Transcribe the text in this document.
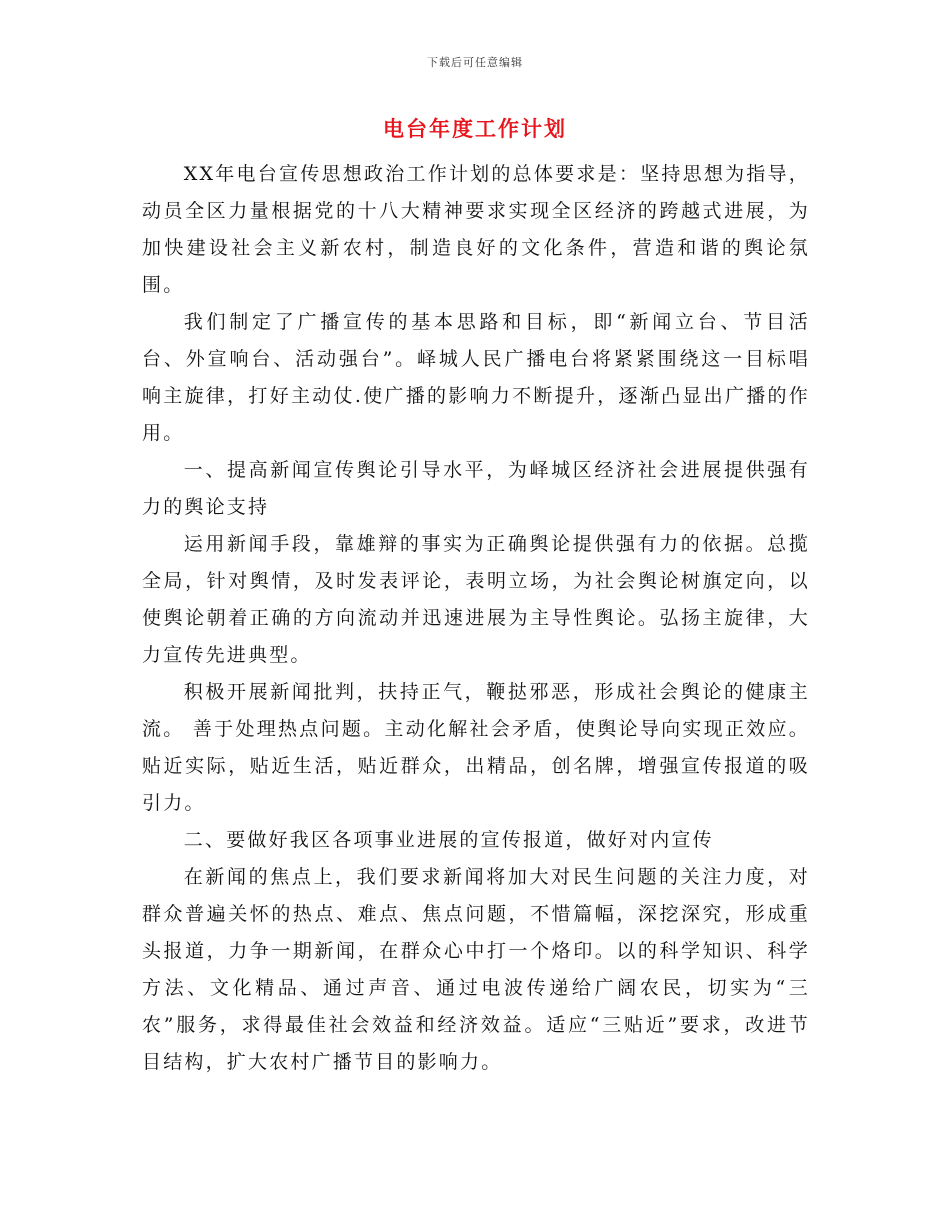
下载后可任意编辑
电台年度工作计划

XX年电台宣传思想政治工作计划的总体要求是：坚持思想为指导，动员全区力量根据党的十八大精神要求实现全区经济的跨越式进展，为加快建设社会主义新农村，制造良好的文化条件，营造和谐的舆论氛围。

我们制定了广播宣传的基本思路和目标，即“新闻立台、节目活台、外宣响台、活动强台”。峄城人民广播电台将紧紧围绕这一目标唱响主旋律，打好主动仗.使广播的影响力不断提升，逐渐凸显出广播的作用。

一、提高新闻宣传舆论引导水平，为峄城区经济社会进展提供强有力的舆论支持

运用新闻手段，靠雄辩的事实为正确舆论提供强有力的依据。总揽全局，针对舆情，及时发表评论，表明立场，为社会舆论树旗定向，以使舆论朝着正确的方向流动并迅速进展为主导性舆论。弘扬主旋律，大力宣传先进典型。

积极开展新闻批判，扶持正气，鞭挞邪恶，形成社会舆论的健康主流。 善于处理热点问题。主动化解社会矛盾，使舆论导向实现正效应。贴近实际，贴近生活，贴近群众，出精品，创名牌，增强宣传报道的吸引力。

二、要做好我区各项事业进展的宣传报道，做好对内宣传

在新闻的焦点上，我们要求新闻将加大对民生问题的关注力度，对群众普遍关怀的热点、难点、焦点问题，不惜篇幅，深挖深究，形成重头报道，力争一期新闻，在群众心中打一个烙印。以的科学知识、科学方法、文化精品、通过声音、通过电波传递给广阔农民，切实为“三农”服务，求得最佳社会效益和经济效益。适应“三贴近”要求，改进节目结构，扩大农村广播节目的影响力。
